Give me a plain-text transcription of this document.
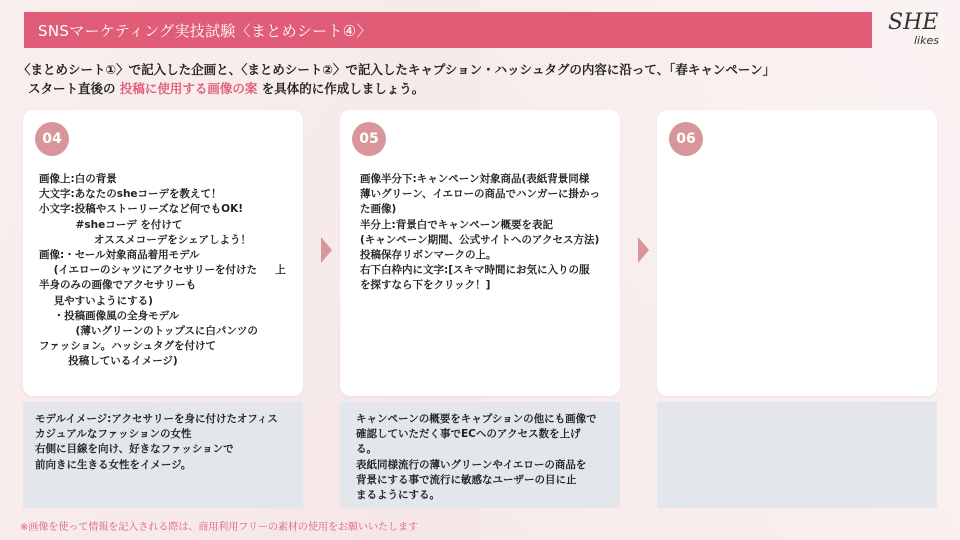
SNSマーケティング実技試験〈まとめシート④〉	SHE
likes
〈まとめシート①〉で記入した企画と、〈まとめシート②〉で記入したキャプション・ハッシュタグの内容に沿って、「春キャンペーン」
スタート直後の 投稿に使用する画像の案 を具体的に作成しましょう。
04
画像上:白の背景
大文字:あなたのsheコーデを教えて！
小文字:投稿やストーリーズなど何でもOK!
#sheコーデ を付けて
オススメコーデをシェアしよう！
画像:・セール対象商品着用モデル
(イエローのシャツにアクセサリーを付けた     上
半身のみの画像でアクセサリーも
見やすいようにする)
・投稿画像風の全身モデル
(薄いグリーンのトップスに白パンツの
ファッション。ハッシュタグを付けて
投稿しているイメージ)
05
画像半分下:キャンペーン対象商品(表紙背景同様
薄いグリーン、イエローの商品でハンガーに掛かっ
た画像)
半分上:背景白でキャンペーン概要を表記
(キャンペーン期間、公式サイトへのアクセス方法)
投稿保存リボンマークの上。
右下白枠内に文字:[スキマ時間にお気に入りの服
を探すなら下をクリック！]
06
モデルイメージ:アクセサリーを身に付けたオフィス
カジュアルなファッションの女性
右側に目線を向け、好きなファッションで
前向きに生きる女性をイメージ。
キャンペーンの概要をキャプションの他にも画像で
確認していただく事でECへのアクセス数を上げ
る。
表紙同様流行の薄いグリーンやイエローの商品を
背景にする事で流行に敏感なユーザーの目に止
まるようにする。
※画像を使って情報を記入される際は、商用利用フリーの素材の使用をお願いいたします
